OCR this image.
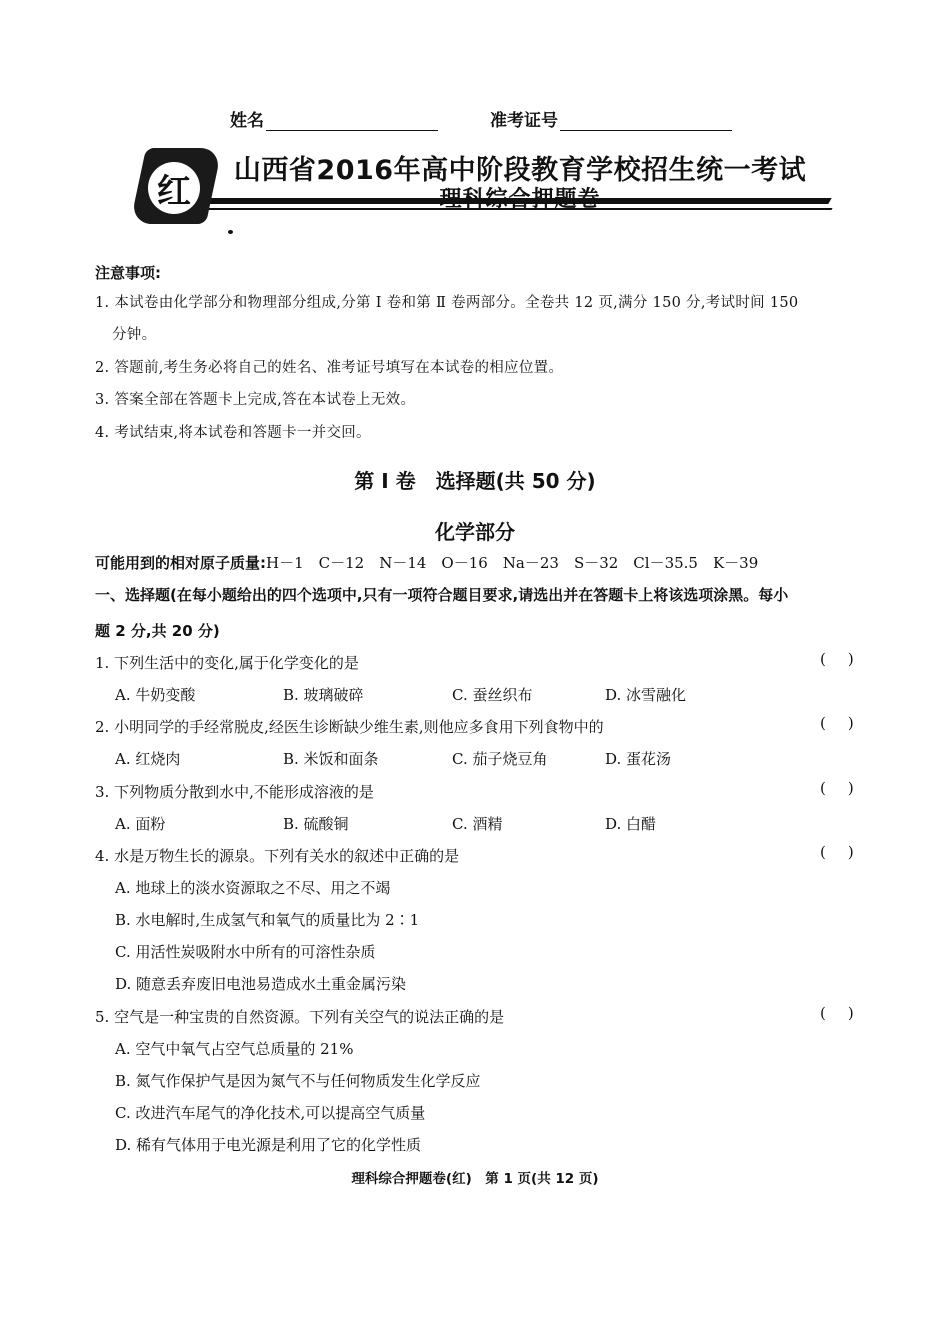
姓名	准考证号
红
山西省2016年高中阶段教育学校招生统一考试
理科综合押题卷
注意事项:
1. 本试卷由化学部分和物理部分组成,分第 Ⅰ 卷和第 Ⅱ 卷两部分。全卷共 12 页,满分 150 分,考试时间 150
分钟。
2. 答题前,考生务必将自己的姓名、准考证号填写在本试卷的相应位置。
3. 答案全部在答题卡上完成,答在本试卷上无效。
4. 考试结束,将本试卷和答题卡一并交回。
第 Ⅰ 卷　选择题(共 50 分)
化学部分
可能用到的相对原子质量:H－1　C－12　N－14　O－16　Na－23　S－32　Cl－35.5　K－39
一、选择题(在每小题给出的四个选项中,只有一项符合题目要求,请选出并在答题卡上将该选项涂黑。每小
题 2 分,共 20 分)
1. 下列生活中的变化,属于化学变化的是	()
A. 牛奶变酸	B. 玻璃破碎	C. 蚕丝织布	D. 冰雪融化
2. 小明同学的手经常脱皮,经医生诊断缺少维生素,则他应多食用下列食物中的	()
A. 红烧肉	B. 米饭和面条	C. 茄子烧豆角	D. 蛋花汤
3. 下列物质分散到水中,不能形成溶液的是	()
A. 面粉	B. 硫酸铜	C. 酒精	D. 白醋
4. 水是万物生长的源泉。下列有关水的叙述中正确的是	()
A. 地球上的淡水资源取之不尽、用之不竭
B. 水电解时,生成氢气和氧气的质量比为 2∶1
C. 用活性炭吸附水中所有的可溶性杂质
D. 随意丢弃废旧电池易造成水土重金属污染
5. 空气是一种宝贵的自然资源。下列有关空气的说法正确的是	()
A. 空气中氧气占空气总质量的 21%
B. 氮气作保护气是因为氮气不与任何物质发生化学反应
C. 改进汽车尾气的净化技术,可以提高空气质量
D. 稀有气体用于电光源是利用了它的化学性质
理科综合押题卷(红)　第 1 页(共 12 页)
